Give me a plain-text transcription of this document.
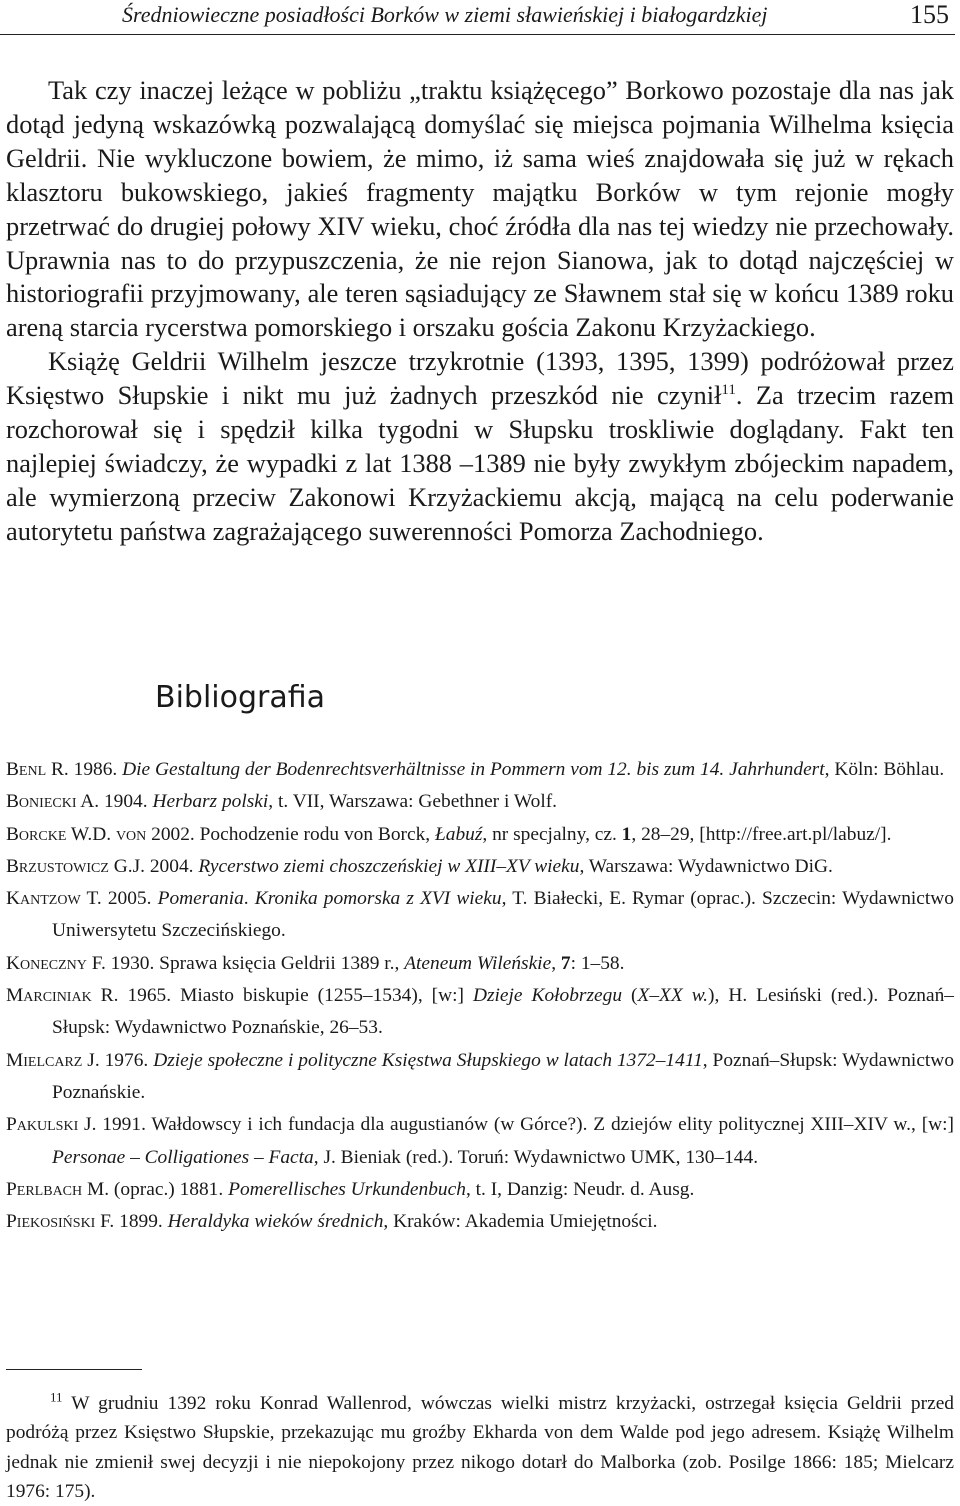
Średniowieczne posiadłości Borków w ziemi sławieńskiej i białogardzkiej	155

Tak czy inaczej leżące w pobliżu „traktu książęcego” Borkowo pozostaje dla nas jak dotąd jedyną wskazówką pozwalającą domyślać się miejsca pojmania Wilhelma księcia Geldrii. Nie wykluczone bowiem, że mimo, iż sama wieś znajdowała się już w rękach klasztoru bukowskiego, jakieś fragmenty majątku Borków w tym rejonie mogły przetrwać do drugiej połowy XIV wieku, choć źródła dla nas tej wiedzy nie przechowały. Uprawnia nas to do przypuszczenia, że nie rejon Sianowa, jak to dotąd najczęściej w historiografii przyjmowany, ale teren sąsiadujący ze Sławnem stał się w końcu 1389 roku areną starcia rycerstwa pomorskiego i orszaku gościa Zakonu Krzyżackiego.

Książę Geldrii Wilhelm jeszcze trzykrotnie (1393, 1395, 1399) podróżował przez Księstwo Słupskie i nikt mu już żadnych przeszkód nie czynił$^{11}$. Za trzecim razem rozchorował się i spędził kilka tygodni w Słupsku troskliwie doglądany. Fakt ten najlepiej świadczy, że wypadki z lat 1388 –1389 nie były zwykłym zbójeckim napadem, ale wymierzoną przeciw Zakonowi Krzyżackiemu akcją, mającą na celu poderwanie autorytetu państwa zagrażającego suwerenności Pomorza Zachodniego.

Bibliografia

Benl R. 1986. Die Gestaltung der Bodenrechtsverhältnisse in Pommern vom 12. bis zum 14. Jahrhundert, Köln: Böhlau.

Boniecki A. 1904. Herbarz polski, t. VII, Warszawa: Gebethner i Wolf.

Borcke W.D. von 2002. Pochodzenie rodu von Borck, Łabuź, nr specjalny, cz. 1, 28–29, [http://free.art.pl/labuz/].

Brzustowicz G.J. 2004. Rycerstwo ziemi choszczeńskiej w XIII–XV wieku, Warszawa: Wydawnictwo DiG.

Kantzow T. 2005. Pomerania. Kronika pomorska z XVI wieku, T. Białecki, E. Rymar (oprac.). Szczecin: Wydawnictwo Uniwersytetu Szczecińskiego.

Koneczny F. 1930. Sprawa księcia Geldrii 1389 r., Ateneum Wileńskie, 7: 1–58.

Marciniak R. 1965. Miasto biskupie (1255–1534), [w:] Dzieje Kołobrzegu (X–XX w.), H. Lesiński (red.). Poznań–Słupsk: Wydawnictwo Poznańskie, 26–53.

Mielcarz J. 1976. Dzieje społeczne i polityczne Księstwa Słupskiego w latach 1372–1411, Poznań–Słupsk: Wydawnictwo Poznańskie.

Pakulski J. 1991. Wałdowscy i ich fundacja dla augustianów (w Górce?). Z dziejów elity politycznej XIII–XIV w., [w:] Personae – Colligationes – Facta, J. Bieniak (red.). Toruń: Wydawnictwo UMK, 130–144.

Perlbach M. (oprac.) 1881. Pomerellisches Urkundenbuch, t. I, Danzig: Neudr. d. Ausg.

Piekosiński F. 1899. Heraldyka wieków średnich, Kraków: Akademia Umiejętności.

$^{11}$ W grudniu 1392 roku Konrad Wallenrod, wówczas wielki mistrz krzyżacki, ostrzegał księcia Geldrii przed podróżą przez Księstwo Słupskie, przekazując mu groźby Ekharda von dem Walde pod jego adresem. Książę Wilhelm jednak nie zmienił swej decyzji i nie niepokojony przez nikogo dotarł do Malborka (zob. Posilge 1866: 185; Mielcarz 1976: 175).
